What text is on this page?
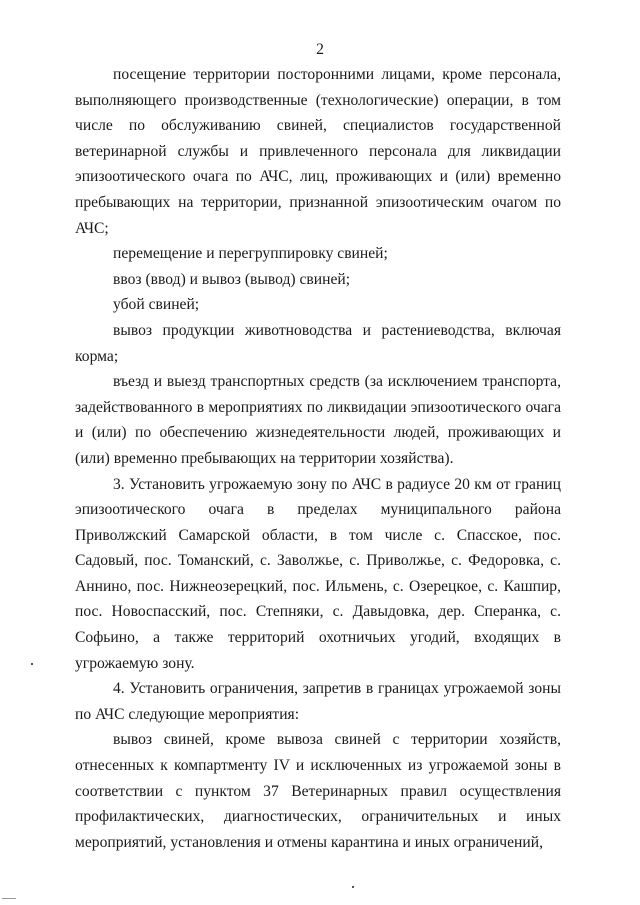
2

посещение территории посторонними лицами, кроме персонала, выполняющего производственные (технологические) операции, в том числе по обслуживанию свиней, специалистов государственной ветеринарной службы и привлеченного персонала для ликвидации эпизоотического очага по АЧС, лиц, проживающих и (или) временно пребывающих на территории, признанной эпизоотическим очагом по АЧС;

перемещение и перегруппировку свиней;

ввоз (ввод) и вывоз (вывод) свиней;

убой свиней;

вывоз продукции животноводства и растениеводства, включая корма;

въезд и выезд транспортных средств (за исключением транспорта, задействованного в мероприятиях по ликвидации эпизоотического очага и (или) по обеспечению жизнедеятельности людей, проживающих и (или) временно пребывающих на территории хозяйства).

3. Установить угрожаемую зону по АЧС в радиусе 20 км от границ эпизоотического очага в пределах муниципального района Приволжский Самарской области, в том числе с. Спасское, пос. Садовый, пос. Томанский, с. Заволжье, с. Приволжье, с. Федоровка, с. Аннино, пос. Нижнеозерецкий, пос. Ильмень, с. Озерецкое, с. Кашпир, пос. Новоспасский, пос. Степняки, с. Давыдовка, дер. Сперанка, с. Софьино, а также территорий охотничьих угодий, входящих в угрожаемую зону.

4. Установить ограничения, запретив в границах угрожаемой зоны по АЧС следующие мероприятия:

вывоз свиней, кроме вывоза свиней с территории хозяйств, отнесенных к компартменту IV и исключенных из угрожаемой зоны в соответствии с пунктом 37 Ветеринарных правил осуществления профилактических, диагностических, ограничительных и иных мероприятий, установления и отмены карантина и иных ограничений,
